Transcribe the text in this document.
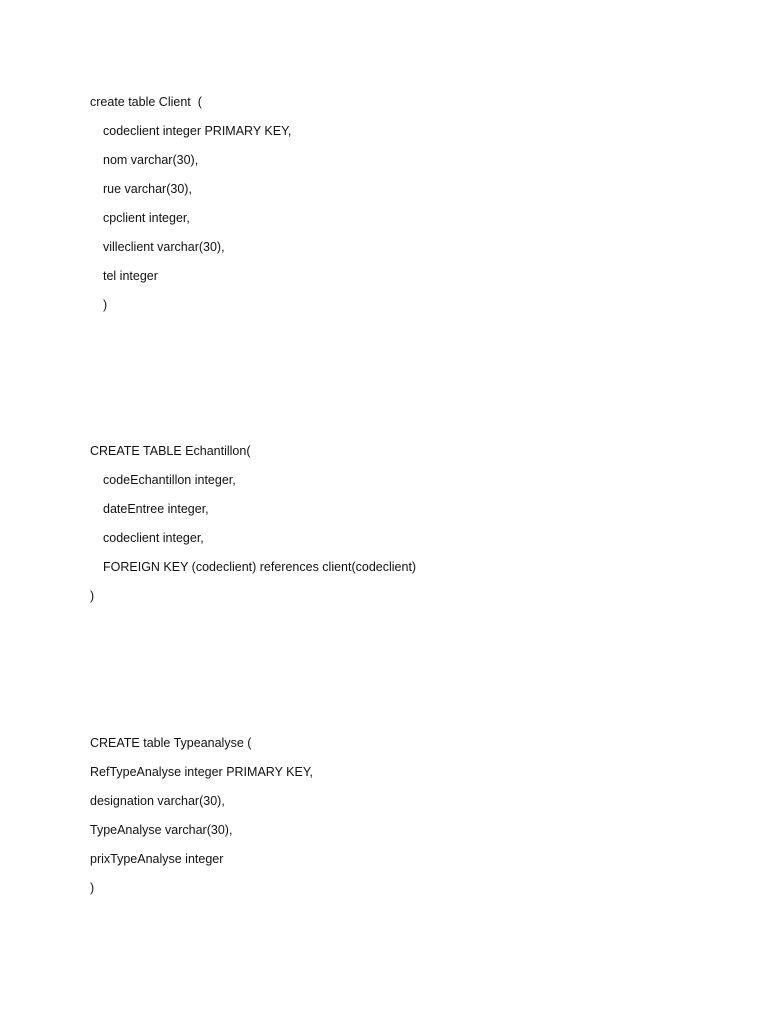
create table Client  (
codeclient integer PRIMARY KEY,
nom varchar(30),
rue varchar(30),
cpclient integer,
villeclient varchar(30),
tel integer
)
CREATE TABLE Echantillon(
codeEchantillon integer,
dateEntree integer,
codeclient integer,
FOREIGN KEY (codeclient) references client(codeclient)
)
CREATE table Typeanalyse (
RefTypeAnalyse integer PRIMARY KEY,
designation varchar(30),
TypeAnalyse varchar(30),
prixTypeAnalyse integer
)
